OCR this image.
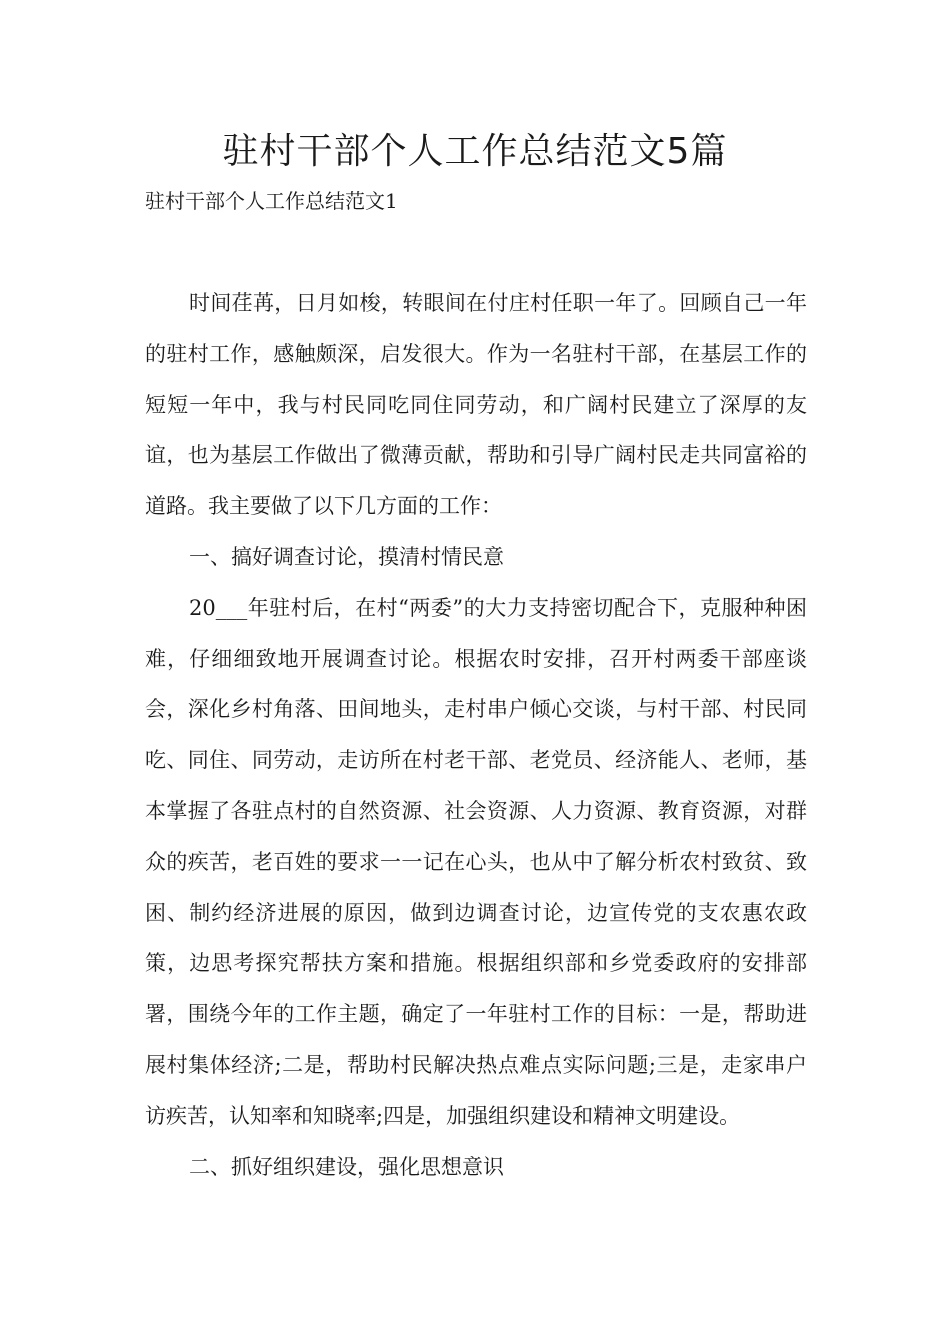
驻村干部个人工作总结范文5篇
驻村干部个人工作总结范文1

时间荏苒，日月如梭，转眼间在付庄村任职一年了。回顾自己一年的驻村工作，感触颇深，启发很大。作为一名驻村干部，在基层工作的短短一年中，我与村民同吃同住同劳动，和广阔村民建立了深厚的友谊，也为基层工作做出了微薄贡献，帮助和引导广阔村民走共同富裕的道路。我主要做了以下几方面的工作：

一、搞好调查讨论，摸清村情民意

20___年驻村后，在村“两委”的大力支持密切配合下，克服种种困难，仔细细致地开展调查讨论。根据农时安排，召开村两委干部座谈会，深化乡村角落、田间地头，走村串户倾心交谈，与村干部、村民同吃、同住、同劳动，走访所在村老干部、老党员、经济能人、老师，基本掌握了各驻点村的自然资源、社会资源、人力资源、教育资源，对群众的疾苦，老百姓的要求一一记在心头，也从中了解分析农村致贫、致困、制约经济进展的原因，做到边调查讨论，边宣传党的支农惠农政策，边思考探究帮扶方案和措施。根据组织部和乡党委政府的安排部署，围绕今年的工作主题，确定了一年驻村工作的目标：一是，帮助进展村集体经济;二是，帮助村民解决热点难点实际问题;三是，走家串户访疾苦，认知率和知晓率;四是，加强组织建设和精神文明建设。

二、抓好组织建设，强化思想意识
